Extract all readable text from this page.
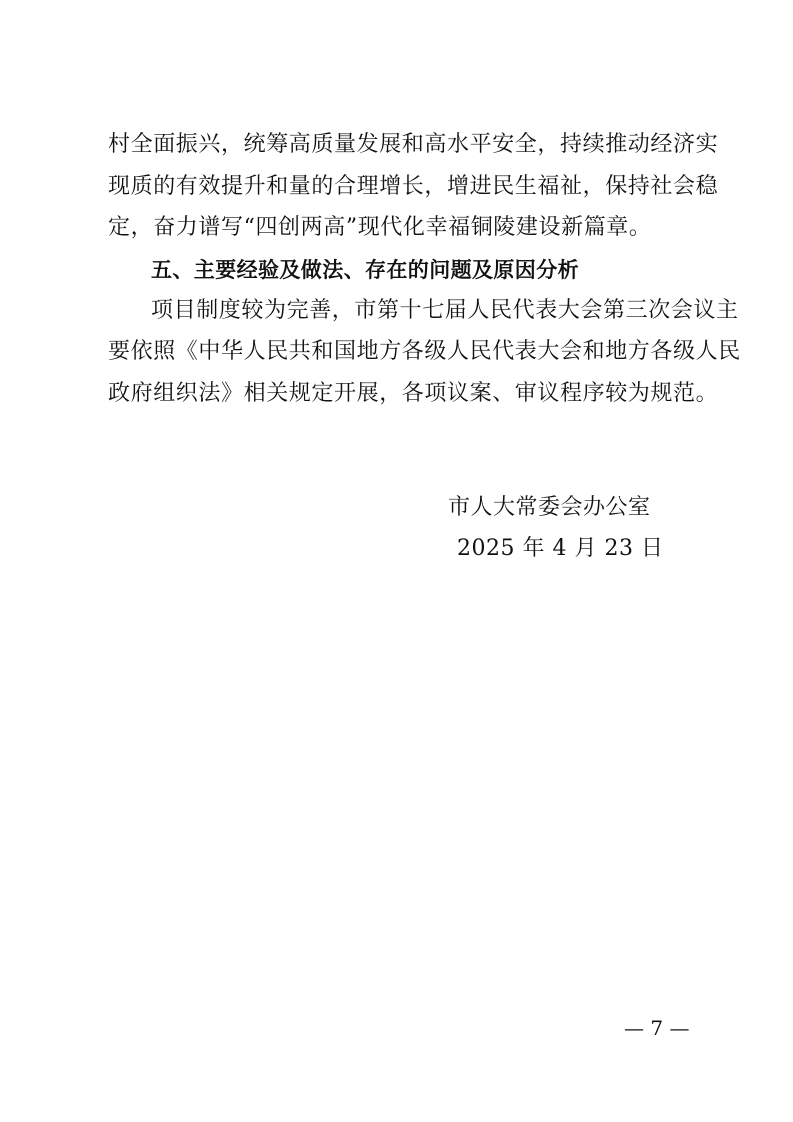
村全面振兴，统筹高质量发展和高水平安全，持续推动经济实
现质的有效提升和量的合理增长，增进民生福祉，保持社会稳
定，奋力谱写“四创两高”现代化幸福铜陵建设新篇章。
五、主要经验及做法、存在的问题及原因分析
项目制度较为完善，市第十七届人民代表大会第三次会议主
要依照《中华人民共和国地方各级人民代表大会和地方各级人民
政府组织法》相关规定开展，各项议案、审议程序较为规范。
市人大常委会办公室
2025 年 4 月 23 日
— 7 —
